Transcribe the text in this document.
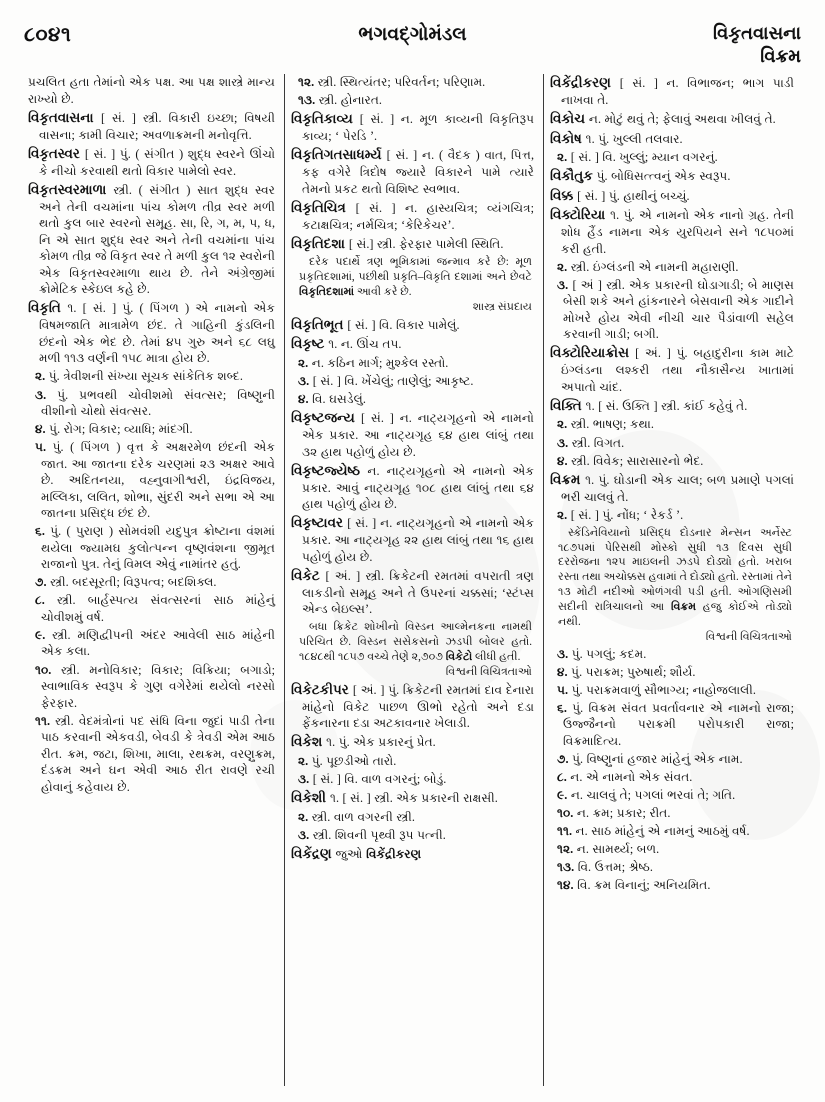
૮૦૪૧	ભગવદ્ગોમંડલ	વિકૃતવાસના
વિક્રમ
પ્રચલિત હતા તેમાંનો એક પક્ષ. આ પક્ષ શાસ્ત્રે માન્ય રાખ્યો છે.
વિકૃતવાસના [ સં. ] સ્ત્રી. વિકારી ઇચ્છા; વિષયી વાસના; કામી વિચાર; અવળાક્રમની મનોવૃત્તિ.
વિકૃતસ્વર [ સં. ] પું. ( સંગીત ) શુદ્ધ સ્વરને ઊંચો કે નીચો કરવાથી થતો વિકાર પામેલો સ્વર.
વિકૃતસ્વરમાળા સ્ત્રી. ( સંગીત ) સાત શુદ્ધ સ્વર અને તેની વચમાંના પાંચ કોમળ તીવ્ર સ્વર મળી થતો કુલ બાર સ્વરનો સમૂહ. સા, રિ, ગ, મ, પ, ધ, નિ એ સાત શુદ્ધ સ્વર અને તેની વચમાંના પાંચ કોમળ તીવ્ર જે વિકૃત સ્વર તે મળી કુલ ૧૨ સ્વરોની એક વિકૃતસ્વરમાળા થાય છે. તેને અંગ્રેજીમાં ક્રોમેટિક સ્કેઇલ કહે છે.
વિકૃતિ ૧. [ સં. ] પું. ( પિંગળ ) એ નામનો એક વિષમજાતિ માત્રામેળ છંદ. તે ગાહિની કુંડલિની છંદનો એક ભેદ છે. તેમાં ૪૫ ગુરુ અને ૬૮ લઘુ મળી ૧૧૩ વર્ણની ૧૫૮ માત્રા હોય છે.
૨. પું. ત્રેવીશની સંખ્યા સૂચક સાંકેતિક શબ્દ.
૩. પું. પ્રભવથી ચોવીશમો સંવત્સર; વિષ્ણુની વીશીનો ચોથો સંવત્સર.
૪. પું. રોગ; વિકાર; વ્યાધિ; માંદગી.
૫. પું. ( પિંગળ ) વૃત્ત કે અક્ષરમેળ છંદની એક જાત. આ જાતના દરેક ચરણમાં ૨૩ અક્ષર આવે છે. અદિતનયા, વહ્નુવાગીશ્વરી, ઇંદ્રવિજય, મલ્લિકા, લલિત, શોભા, સુંદરી અને સભા એ આ જાતના પ્રસિદ્ધ છંદ છે.
૬. પું. ( પુરાણ ) સોમવંશી યદુપુત્ર ક્રોષ્ટાના વંશમાં થયેલા જ્યામઘ કુલોત્પન્ન વૃષ્ણવંશના જીમૂત રાજાનો પુત્ર. તેનું વિમલ એવું નામાંતર હતું.
૭. સ્ત્રી. બદસૂરતી; વિરૂપત્વ; બદશિક્લ.
૮. સ્ત્રી. બાર્હસ્પત્ય સંવત્સરનાં સાઠ માંહેનું ચોવીશમું વર્ષ.
૯. સ્ત્રી. મણિદ્વીપની અંદર આવેલી સાઠ માંહેની એક કલા.
૧૦. સ્ત્રી. મનોવિકાર; વિકાર; વિક્રિયા; બગાડો; સ્વાભાવિક સ્વરૂપ કે ગુણ વગેરેમાં થયેલો નરસો ફેરફાર.
૧૧. સ્ત્રી. વેદમંત્રોનાં પદ સંધિ વિના જુદાં પાડી તેના પાઠ કરવાની એકવડી, બેવડી કે ત્રેવડી એમ આઠ રીત. ક્રમ, જટા, શિખા, માલા, રથક્રમ, વરણુક્રમ, દંડક્રમ અને ઘન એવી આઠ રીત રાવણે રચી હોવાનું કહેવાય છે.
૧૨. સ્ત્રી. સ્થિત્યંતર; પરિવર્તન; પરિણામ.
૧૩. સ્ત્રી. હોનારત.
વિકૃતિકાવ્ય [ સં. ] ન. મૂળ કાવ્યની વિકૃતિરૂપ કાવ્ય; ‘ પેરડિ ’.
વિકૃતિગતસાધર્મ્ય [ સં. ] ન. ( વૈદક ) વાત, પિત્ત, કફ વગેરે ત્રિદોષ જ્યારે વિકારને પામે ત્યારે તેમનો પ્રકટ થતો વિશિષ્ટ સ્વભાવ.
વિકૃતિચિત્ર [ સં. ] ન. હાસ્યચિત્ર; વ્યંગચિત્ર; કટાક્ષચિત્ર; નર્મચિત્ર; ‘કેરિકેચર’.
વિકૃતિદશા [ સં.] સ્ત્રી. ફેરફાર પામેલી સ્થિતિ.
દરેક પદાર્થે ત્રણ ભૂમિકામાં જન્માવ કરે છે: મૂળ પ્રકૃતિદશામાં, પછીથી પ્રકૃતિ–વિકૃતિ દશામાં અને છેવટે વિકૃતિદશામાં આવી કરે છે.
શાસ્ત્ર સંપ્રદાય
વિકૃતિભૂત [ સં. ] વિ. વિકાર પામેલું.
વિકૃષ્ટ ૧. ન. ઊંચ તપ.
૨. ન. કઠિન માર્ગ; મુશ્કેલ રસ્તો.
૩. [ સં. ] વિ. ખેંચેલું; તાણેલું; આકૃષ્ટ.
૪. વિ. ઘસડેલું.
વિકૃષ્ટજન્ય [ સં. ] ન. નાટ્યગૃહનો એ નામનો એક પ્રકાર. આ નાટ્યગૃહ ૬૪ હાથ લાંબું તથા ૩૨ હાથ પહોળું હોય છે.
વિકૃષ્ટજ્યેષ્ઠ ન. નાટ્યગૃહનો એ નામનો એક પ્રકાર. આવું નાટ્યગૃહ ૧૦૮ હાથ લાંબું તથા ૬૪ હાથ પહોળું હોય છે.
વિકૃષ્ટાવર [ સં. ] ન. નાટ્યગૃહનો એ નામનો એક પ્રકાર. આ નાટ્યગૃહ ૨૨ હાથ લાંબું તથા ૧૬ હાથ પહોળું હોય છે.
વિકેટ [ અં. ] સ્ત્રી. ક્રિકેટની રમતમાં વપરાતી ત્રણ લાકડીનો સમૂહ અને તે ઉપરનાં ચક્કસાં; ‘સ્ટંપ્સ એન્ડ બેઇલ્સ’.
બધા ક્રિકેટ શોખીનો વિસ્ડન આલ્મેનકના નામથી પરિચિત છે. વિસ્ડન સસેકસનો ઝડપી બોલર હતો. ૧૮૪૮થી ૧૮૫૭ વચ્ચે તેણે ૨,૭૦૭ વિકેટો લીધી હતી.
વિશ્વની વિચિત્રતાઓ
વિકેટકીપર [ અં. ] પું. ક્રિકેટની રમતમાં દાવ દેનારા માંહેનો વિકેટ પાછળ ઊભો રહેતો અને દડા ફેંકનારના દડા અટકાવનાર ખેલાડી.
વિકેશ ૧. પું. એક પ્રકારનું પ્રેત.
૨. પું. પૂછડીઓ તારો.
૩. [ સં. ] વિ. વાળ વગરનું; બોડું.
વિકેશી ૧. [ સં. ] સ્ત્રી. એક પ્રકારની રાક્ષસી.
૨. સ્ત્રી. વાળ વગરની સ્ત્રી.
૩. સ્ત્રી. શિવની પૃથ્વી રૂપ પત્ની.
વિકેંદ્રણ જુઓ વિકેંદ્રીકરણ
વિકેંદ્રીકરણ [ સં. ] ન. વિભાજન; ભાગ પાડી નાખવા તે.
વિકોચ ન. મોટું થવું તે; ફેલાવું અથવા ખીલવું તે.
વિકોષ ૧. પું. ખુલ્લી તલવાર.
૨. [ સં. ] વિ. ખુલ્લું; મ્યાન વગરનું.
વિકૌતુક પું. બોધિસત્ત્વનું એક સ્વરૂપ.
વિક્ક [ સં. ] પું. હાથીનું બચ્ચું.
વિક્ટોરિયા ૧. પું. એ નામનો એક નાનો ગ્રહ. તેની શોધ હૈંડ નામના એક યુરપિયને સને ૧૮૫૦માં કરી હતી.
૨. સ્ત્રી. ઇંગ્લંડની એ નામની મહારાણી.
૩. [ અં ] સ્ત્રી. એક પ્રકારની ઘોડાગાડી; બે માણસ બેસી શકે અને હાંકનારને બેસવાની એક ગાદીને મોખરે હોય એવી નીચી ચાર પૈડાંવાળી સહેલ કરવાની ગાડી; બગી.
વિક્ટોરિયાક્રોસ [ અં. ] પું. બહાદુરીના કામ માટે ઇંગ્લંડના લશ્કરી તથા નૌકાસૈન્ય ખાતામાં અપાતો ચાંદ.
વિક્તિ ૧. [ સં. ઉક્તિ ] સ્ત્રી. કાંઈ કહેવું તે.
૨. સ્ત્રી. ભાષણ; કથા.
૩. સ્ત્રી. વિગત.
૪. સ્ત્રી. વિવેક; સારાસારનો ભેદ.
વિક્રમ ૧. પું. ઘોડાની એક ચાલ; બળ પ્રમાણે પગલાં ભરી ચાલવું તે.
૨. [ સં. ] પું. નોંધ; ‘ રેકર્ડ ’.
સ્કેંડિનેવિયાનો પ્રસિદ્ધ દોડનાર મેન્સન અર્નેસ્ટ ૧૮૭૫માં પેરિસથી મોસ્કો સુધી ૧૩ દિવસ સુધી દરરોજના ૧૨૫ માઇલની ઝડપે દોડ્યો હતો. ખરાબ રસ્તા તથા અચોક્કસ હવામાં તે દોડ્યો હતો. રસ્તામાં તેને ૧૩ મોટી નદીઓ ઓળંગવી પડી હતી. ઓગણિસમી સદીની રાત્રિચાલનો આ વિક્રમ હજુ કોઈએ તોડ્યો નથી.
વિશ્વની વિચિત્રતાઓ
૩. પું. પગલું; કદમ.
૪. પું. પરાક્રમ; પુરુષાર્થ; શૌર્ય.
૫. પું. પરાક્રમવાળું સૌભાગ્ય; નાહોજલાલી.
૬. પું. વિક્રમ સંવત પ્રવર્તાવનાર એ નામનો રાજા; ઉજ્જૈનનો પરાક્રમી પરોપકારી રાજા; વિક્રમાદિત્ય.
૭. પું. વિષ્ણુનાં હજાર માંહેનું એક નામ.
૮. ન. એ નામનો એક સંવત.
૯. ન. ચાલવું તે; પગલાં ભરવાં તે; ગતિ.
૧૦. ન. ક્રમ; પ્રકાર; રીત.
૧૧. ન. સાઠ માંહેનું એ નામનું આઠમું વર્ષ.
૧૨. ન. સામર્થ્ય; બળ.
૧૩. વિ. ઉત્તમ; શ્રેષ્ઠ.
૧૪. વિ. ક્રમ વિનાનું; અનિયમિત.
